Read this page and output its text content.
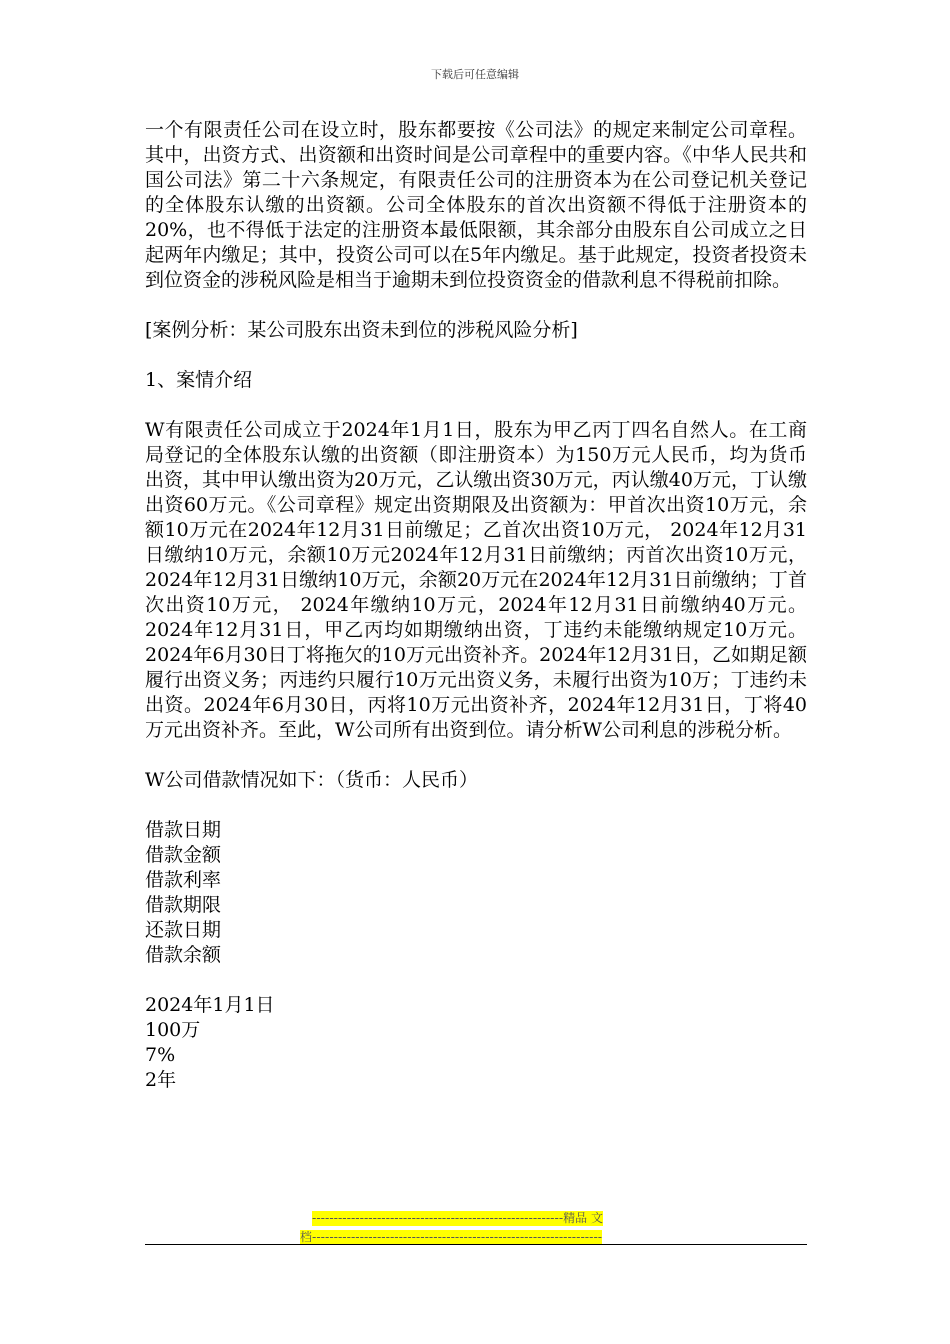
下载后可任意编辑

一个有限责任公司在设立时，股东都要按《公司法》的规定来制定公司章程。其中，出资方式、出资额和出资时间是公司章程中的重要内容。《中华人民共和国公司法》第二十六条规定，有限责任公司的注册资本为在公司登记机关登记的全体股东认缴的出资额。公司全体股东的首次出资额不得低于注册资本的20%，也不得低于法定的注册资本最低限额，其余部分由股东自公司成立之日起两年内缴足；其中，投资公司可以在5年内缴足。基于此规定，投资者投资未到位资金的涉税风险是相当于逾期未到位投资资金的借款利息不得税前扣除。

[案例分析：某公司股东出资未到位的涉税风险分析]

1、案情介绍

W有限责任公司成立于2024年1月1日，股东为甲乙丙丁四名自然人。在工商局登记的全体股东认缴的出资额（即注册资本）为150万元人民币，均为货币出资，其中甲认缴出资为20万元，乙认缴出资30万元，丙认缴40万元，丁认缴出资60万元。《公司章程》规定出资期限及出资额为：甲首次出资10万元，余额10万元在2024年12月31日前缴足；乙首次出资10万元， 2024年12月31日缴纳10万元，余额10万元2024年12月31日前缴纳；丙首次出资10万元， 2024年12月31日缴纳10万元，余额20万元在2024年12月31日前缴纳；丁首次出资10万元， 2024年缴纳10万元，2024年12月31日前缴纳40万元。2024年12月31日，甲乙丙均如期缴纳出资，丁违约未能缴纳规定10万元。2024年6月30日丁将拖欠的10万元出资补齐。2024年12月31日，乙如期足额履行出资义务；丙违约只履行10万元出资义务，未履行出资为10万；丁违约未出资。2024年6月30日，丙将10万元出资补齐，2024年12月31日，丁将40万元出资补齐。至此，W公司所有出资到位。请分析W公司利息的涉税分析。

W公司借款情况如下：（货币：人民币）

借款日期
借款金额
借款利率
借款期限
还款日期
借款余额
2024年1月1日
100万
7%
2年
----------------------------------------------------------精品 文
档-------------------------------------------------------------------
